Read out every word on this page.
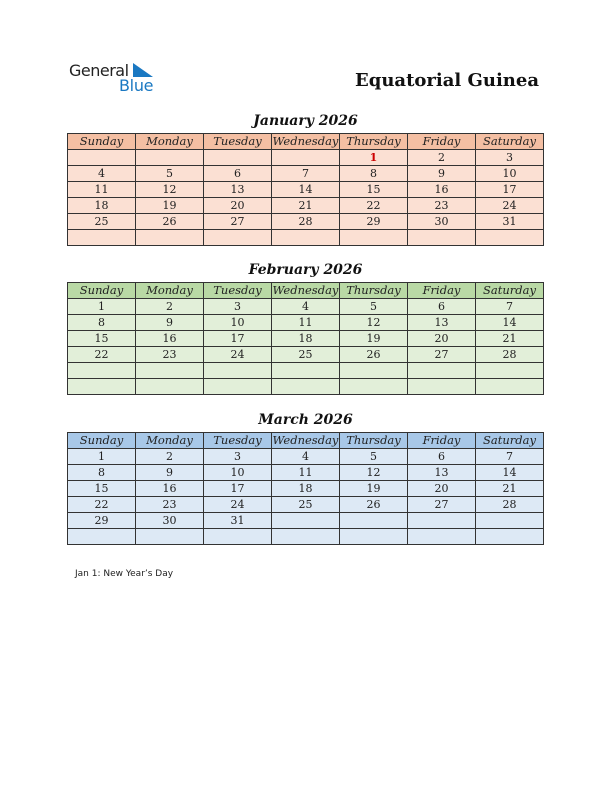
General
Blue	Equatorial Guinea
January 2026
Sunday	Monday	Tuesday	Wednesday	Thursday	Friday	Saturday
				1	2	3
4	5	6	7	8	9	10
11	12	13	14	15	16	17
18	19	20	21	22	23	24
25	26	27	28	29	30	31

February 2026
Sunday	Monday	Tuesday	Wednesday	Thursday	Friday	Saturday
1	2	3	4	5	6	7
8	9	10	11	12	13	14
15	16	17	18	19	20	21
22	23	24	25	26	27	28

March 2026
Sunday	Monday	Tuesday	Wednesday	Thursday	Friday	Saturday
1	2	3	4	5	6	7
8	9	10	11	12	13	14
15	16	17	18	19	20	21
22	23	24	25	26	27	28
29	30	31				

Jan 1: New Year’s Day
